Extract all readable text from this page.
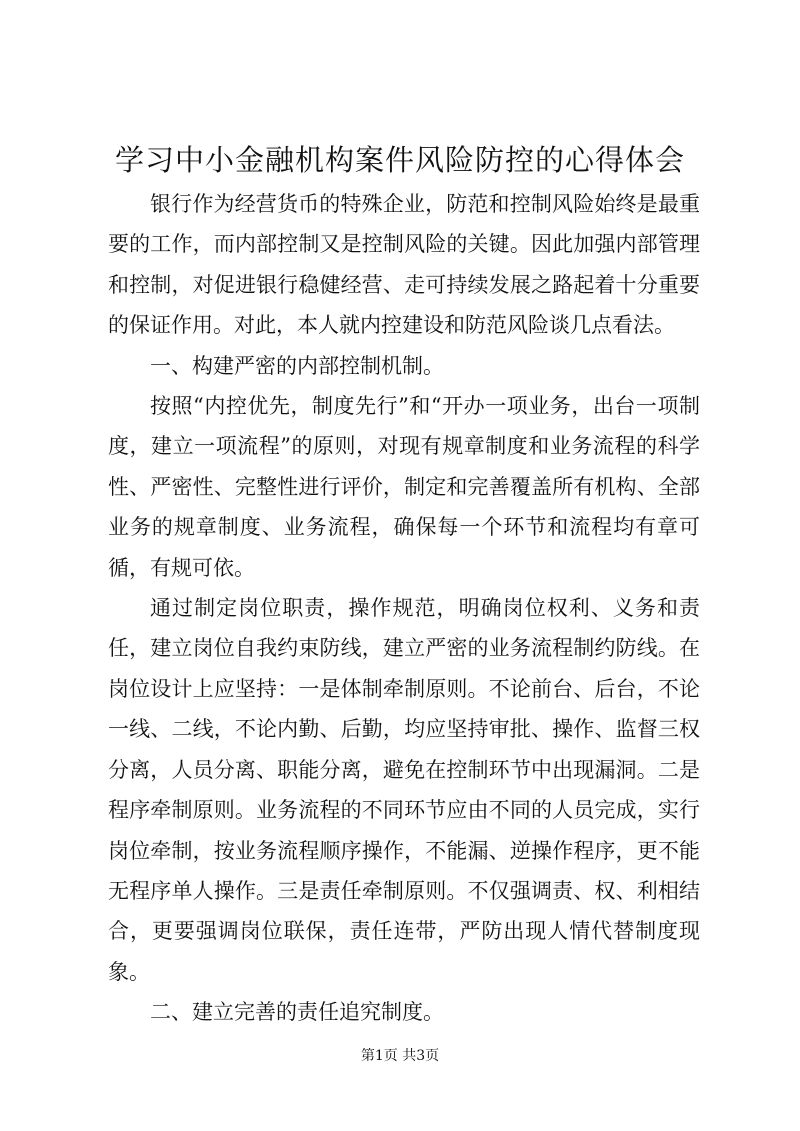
学习中小金融机构案件风险防控的心得体会

银行作为经营货币的特殊企业，防范和控制风险始终是最重要的工作，而内部控制又是控制风险的关键。因此加强内部管理和控制，对促进银行稳健经营、走可持续发展之路起着十分重要的保证作用。对此，本人就内控建设和防范风险谈几点看法。

一、构建严密的内部控制机制。

按照“内控优先，制度先行”和“开办一项业务，出台一项制度，建立一项流程”的原则，对现有规章制度和业务流程的科学性、严密性、完整性进行评价，制定和完善覆盖所有机构、全部业务的规章制度、业务流程，确保每一个环节和流程均有章可循，有规可依。

通过制定岗位职责，操作规范，明确岗位权利、义务和责任，建立岗位自我约束防线，建立严密的业务流程制约防线。在岗位设计上应坚持：一是体制牵制原则。不论前台、后台，不论一线、二线，不论内勤、后勤，均应坚持审批、操作、监督三权分离，人员分离、职能分离，避免在控制环节中出现漏洞。二是程序牵制原则。业务流程的不同环节应由不同的人员完成，实行岗位牵制，按业务流程顺序操作，不能漏、逆操作程序，更不能无程序单人操作。三是责任牵制原则。不仅强调责、权、利相结合，更要强调岗位联保，责任连带，严防出现人情代替制度现象。

二、建立完善的责任追究制度。

第1页 共3页
